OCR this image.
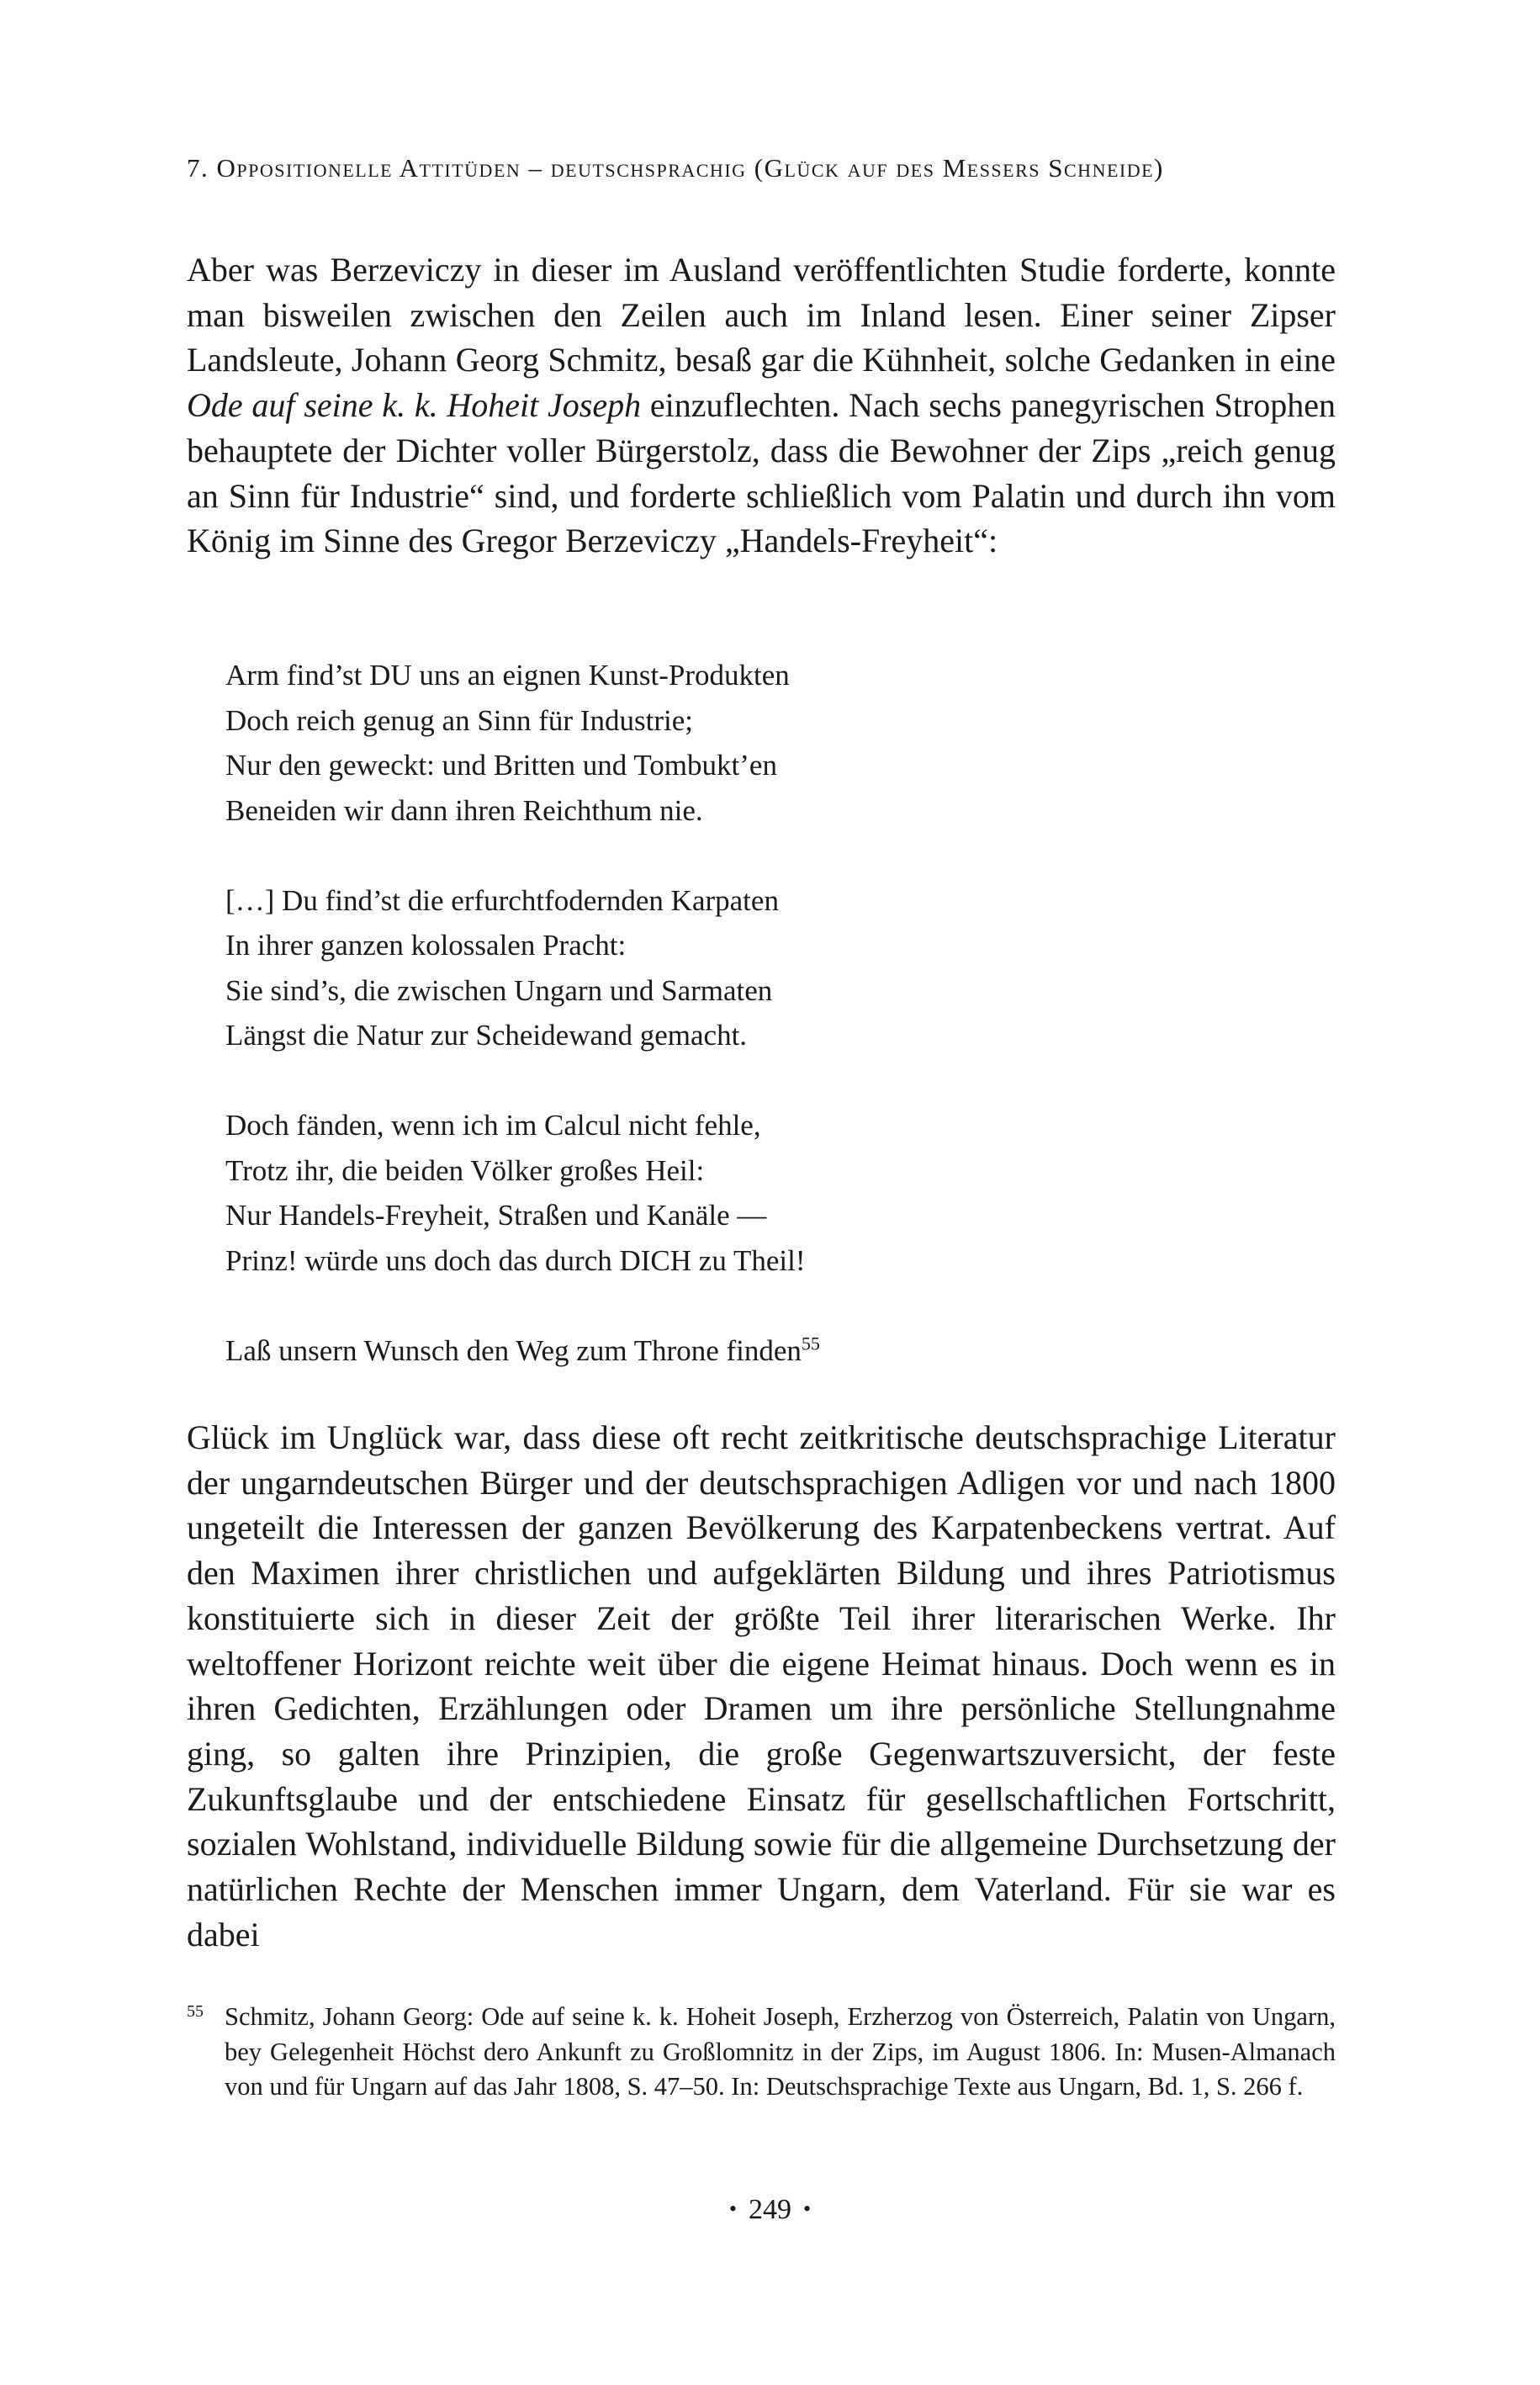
7. Oppositionelle Attitüden – deutschsprachig (Glück auf des Messers Schneide)
Aber was Berzeviczy in dieser im Ausland veröffentlichten Studie forderte, konnte man bisweilen zwischen den Zeilen auch im Inland lesen. Einer seiner Zipser Landsleute, Johann Georg Schmitz, besaß gar die Kühnheit, solche Gedanken in eine Ode auf seine k. k. Hoheit Joseph einzuflechten. Nach sechs panegyrischen Strophen behauptete der Dichter voller Bürgerstolz, dass die Bewohner der Zips „reich genug an Sinn für Industrie“ sind, und forderte schließlich vom Palatin und durch ihn vom König im Sinne des Gregor Berzeviczy „Handels-Freyheit“:
Arm find’st DU uns an eignen Kunst-Produkten
Doch reich genug an Sinn für Industrie;
Nur den geweckt: und Britten und Tombukt’en
Beneiden wir dann ihren Reichthum nie.
[…] Du find’st die erfurchtfodernden Karpaten
In ihrer ganzen kolossalen Pracht:
Sie sind’s, die zwischen Ungarn und Sarmaten
Längst die Natur zur Scheidewand gemacht.
Doch fänden, wenn ich im Calcul nicht fehle,
Trotz ihr, die beiden Völker großes Heil:
Nur Handels-Freyheit, Straßen und Kanäle —
Prinz! würde uns doch das durch DICH zu Theil!
Laß unsern Wunsch den Weg zum Throne finden$^{55}$
Glück im Unglück war, dass diese oft recht zeitkritische deutschsprachige Literatur der ungarndeutschen Bürger und der deutschsprachigen Adligen vor und nach 1800 ungeteilt die Interessen der ganzen Bevölkerung des Karpatenbeckens vertrat. Auf den Maximen ihrer christlichen und aufgeklärten Bildung und ihres Patriotismus konstituierte sich in dieser Zeit der größte Teil ihrer literarischen Werke. Ihr weltoffener Horizont reichte weit über die eigene Heimat hinaus. Doch wenn es in ihren Gedichten, Erzählungen oder Dramen um ihre persönliche Stellungnahme ging, so galten ihre Prinzipien, die große Gegenwartszuversicht, der feste Zukunftsglaube und der entschiedene Einsatz für gesellschaftlichen Fortschritt, sozialen Wohlstand, individuelle Bildung sowie für die allgemeine Durchsetzung der natürlichen Rechte der Menschen immer Ungarn, dem Vaterland. Für sie war es dabei
55 Schmitz, Johann Georg: Ode auf seine k. k. Hoheit Joseph, Erzherzog von Österreich, Palatin von Ungarn, bey Gelegenheit Höchst dero Ankunft zu Großlomnitz in der Zips, im August 1806. In: Musen-Almanach von und für Ungarn auf das Jahr 1808, S. 47–50. In: Deutschsprachige Texte aus Ungarn, Bd. 1, S. 266 f.
• 249 •
